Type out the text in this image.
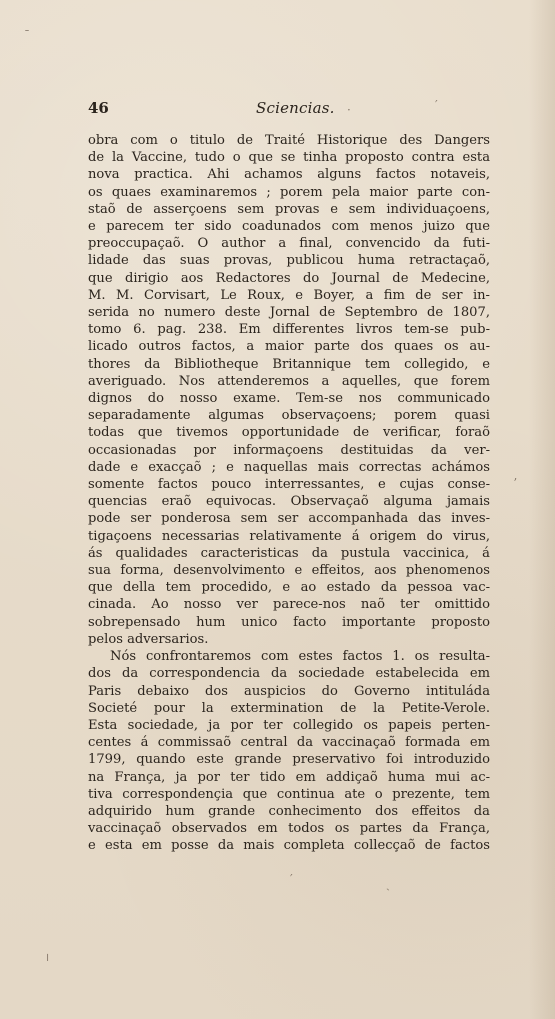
¯
′
·
ʼ
′	ˏ
╷
46	Sciencias.
obra com o titulo de Traité Historique des Dangers
de la Vaccine, tudo o que se tinha proposto contra esta
nova practica. Ahi achamos alguns factos notaveis,
os quaes examinaremos ; porem pela maior parte con-
staõ de asserçoens sem provas e sem individuaçoens,
e parecem ter sido coadunados com menos juizo que
preoccupaçaõ. O author a final, convencido da futi-
lidade das suas provas, publicou huma retractaçaõ,
que dirigio aos Redactores do Journal de Medecine,
M. M. Corvisart, Le Roux, e Boyer, a fim de ser in-
serida no numero deste Jornal de Septembro de 1807,
tomo 6. pag. 238. Em differentes livros tem-se pub-
licado outros factos, a maior parte dos quaes os au-
thores da Bibliotheque Britannique tem collegido, e
averiguado. Nos attenderemos a aquelles, que forem
dignos do nosso exame. Tem-se nos communicado
separadamente algumas observaçoens; porem quasi
todas que tivemos opportunidade de verificar, foraõ
occasionadas por informaçoens destituidas da ver-
dade e exacçaõ ; e naquellas mais correctas achámos
somente factos pouco interressantes, e cujas conse-
quencias eraõ equivocas. Observaçaõ alguma jamais
pode ser ponderosa sem ser accompanhada das inves-
tigaçoens necessarias relativamente á origem do virus,
ás qualidades caracteristicas da pustula vaccinica, á
sua forma, desenvolvimento e effeitos, aos phenomenos
que della tem procedido, e ao estado da pessoa vac-
cinada. Ao nosso ver parece-nos naõ ter omittido
sobrepensado hum unico facto importante proposto
pelos adversarios.
Nós confrontaremos com estes factos 1. os resulta-
dos da correspondencia da sociedade estabelecida em
Paris debaixo dos auspicios do Governo intituláda
Societé pour la extermination de la Petite-Verole.
Esta sociedade, ja por ter collegido os papeis perten-
centes á commissaõ central da vaccinaçaõ formada em
1799, quando este grande preservativo foi introduzido
na França, ja por ter tido em addiçaõ huma mui ac-
tiva correspondençia que continua ate o prezente, tem
adquirido hum grande conhecimento dos effeitos da
vaccinaçaõ observados em todos os partes da França,
e esta em posse da mais completa collecçaõ de factos
